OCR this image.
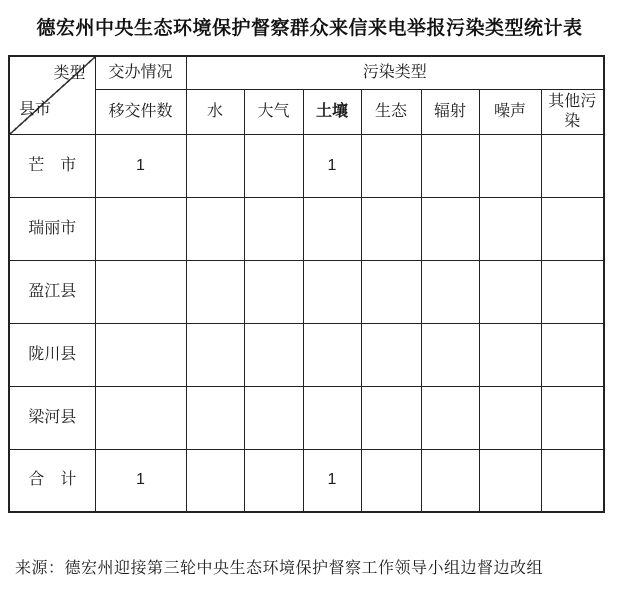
德宏州中央生态环境保护督察群众来信来电举报污染类型统计表
类型
县市	交办情况	污染类型						
	移交件数	水	大气	土壤	生态	辐射	噪声	其他污染
芒　市	1			1				
瑞丽市								
盈江县								
陇川县								
梁河县								
合　计	1			1				
来源：德宏州迎接第三轮中央生态环境保护督察工作领导小组边督边改组
